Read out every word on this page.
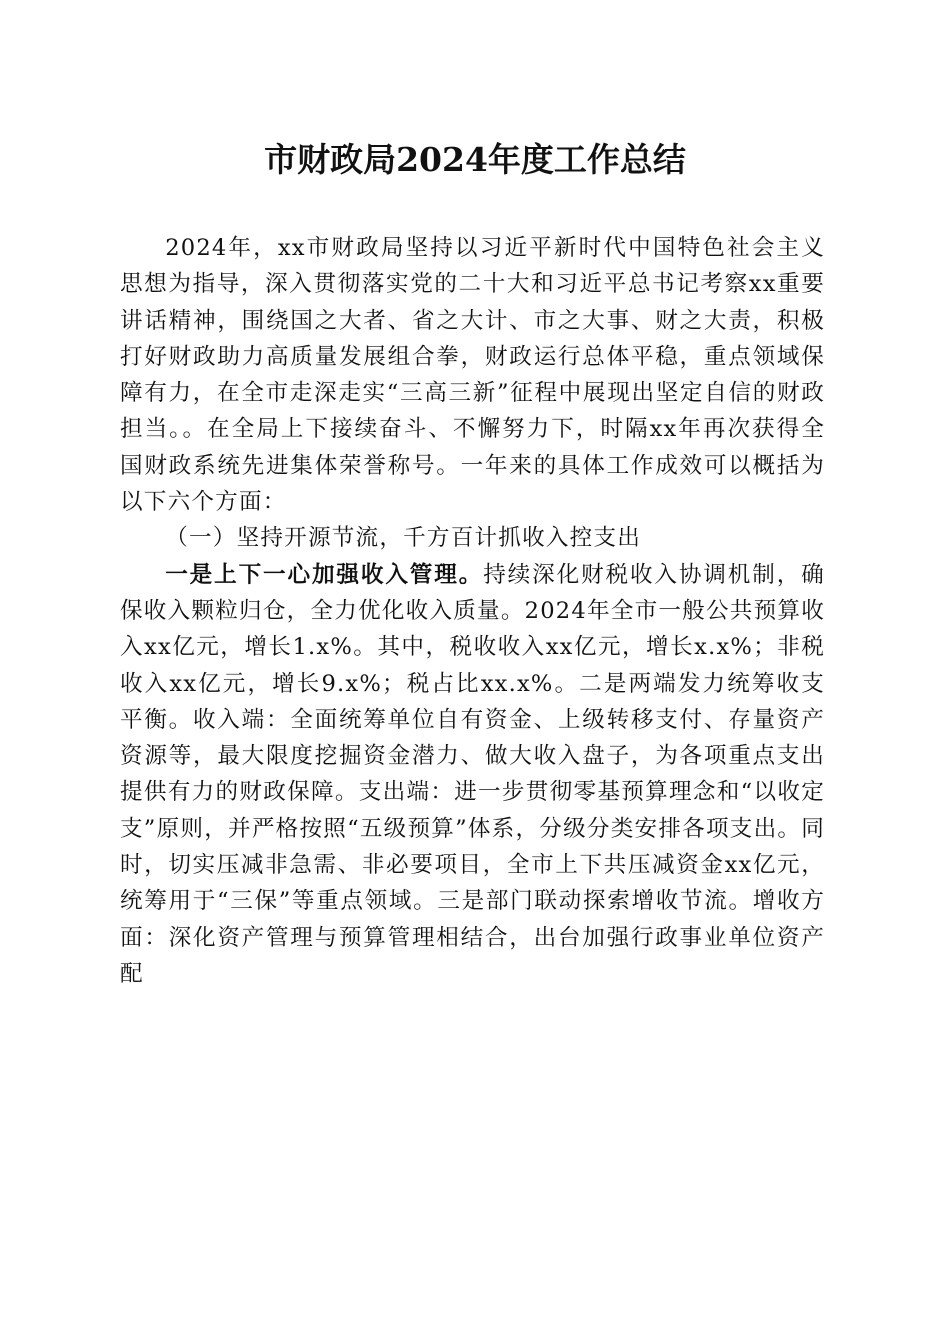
市财政局2024年度工作总结

2024年，xx市财政局坚持以习近平新时代中国特色社会主义思想为指导，深入贯彻落实党的二十大和习近平总书记考察xx重要讲话精神，围绕国之大者、省之大计、市之大事、财之大责，积极打好财政助力高质量发展组合拳，财政运行总体平稳，重点领域保障有力，在全市走深走实“三高三新”征程中展现出坚定自信的财政担当。。在全局上下接续奋斗、不懈努力下，时隔xx年再次获得全国财政系统先进集体荣誉称号。一年来的具体工作成效可以概括为以下六个方面：

（一）坚持开源节流，千方百计抓收入控支出

一是上下一心加强收入管理。持续深化财税收入协调机制，确保收入颗粒归仓，全力优化收入质量。2024年全市一般公共预算收入xx亿元，增长1.x%。其中，税收收入xx亿元，增长x.x%；非税收入xx亿元，增长9.x%；税占比xx.x%。二是两端发力统筹收支平衡。收入端：全面统筹单位自有资金、上级转移支付、存量资产资源等，最大限度挖掘资金潜力、做大收入盘子，为各项重点支出提供有力的财政保障。支出端：进一步贯彻零基预算理念和“以收定支”原则，并严格按照“五级预算”体系，分级分类安排各项支出。同时，切实压减非急需、非必要项目，全市上下共压减资金xx亿元，统筹用于“三保”等重点领域。三是部门联动探索增收节流。增收方面：深化资产管理与预算管理相结合，出台加强行政事业单位资产配
